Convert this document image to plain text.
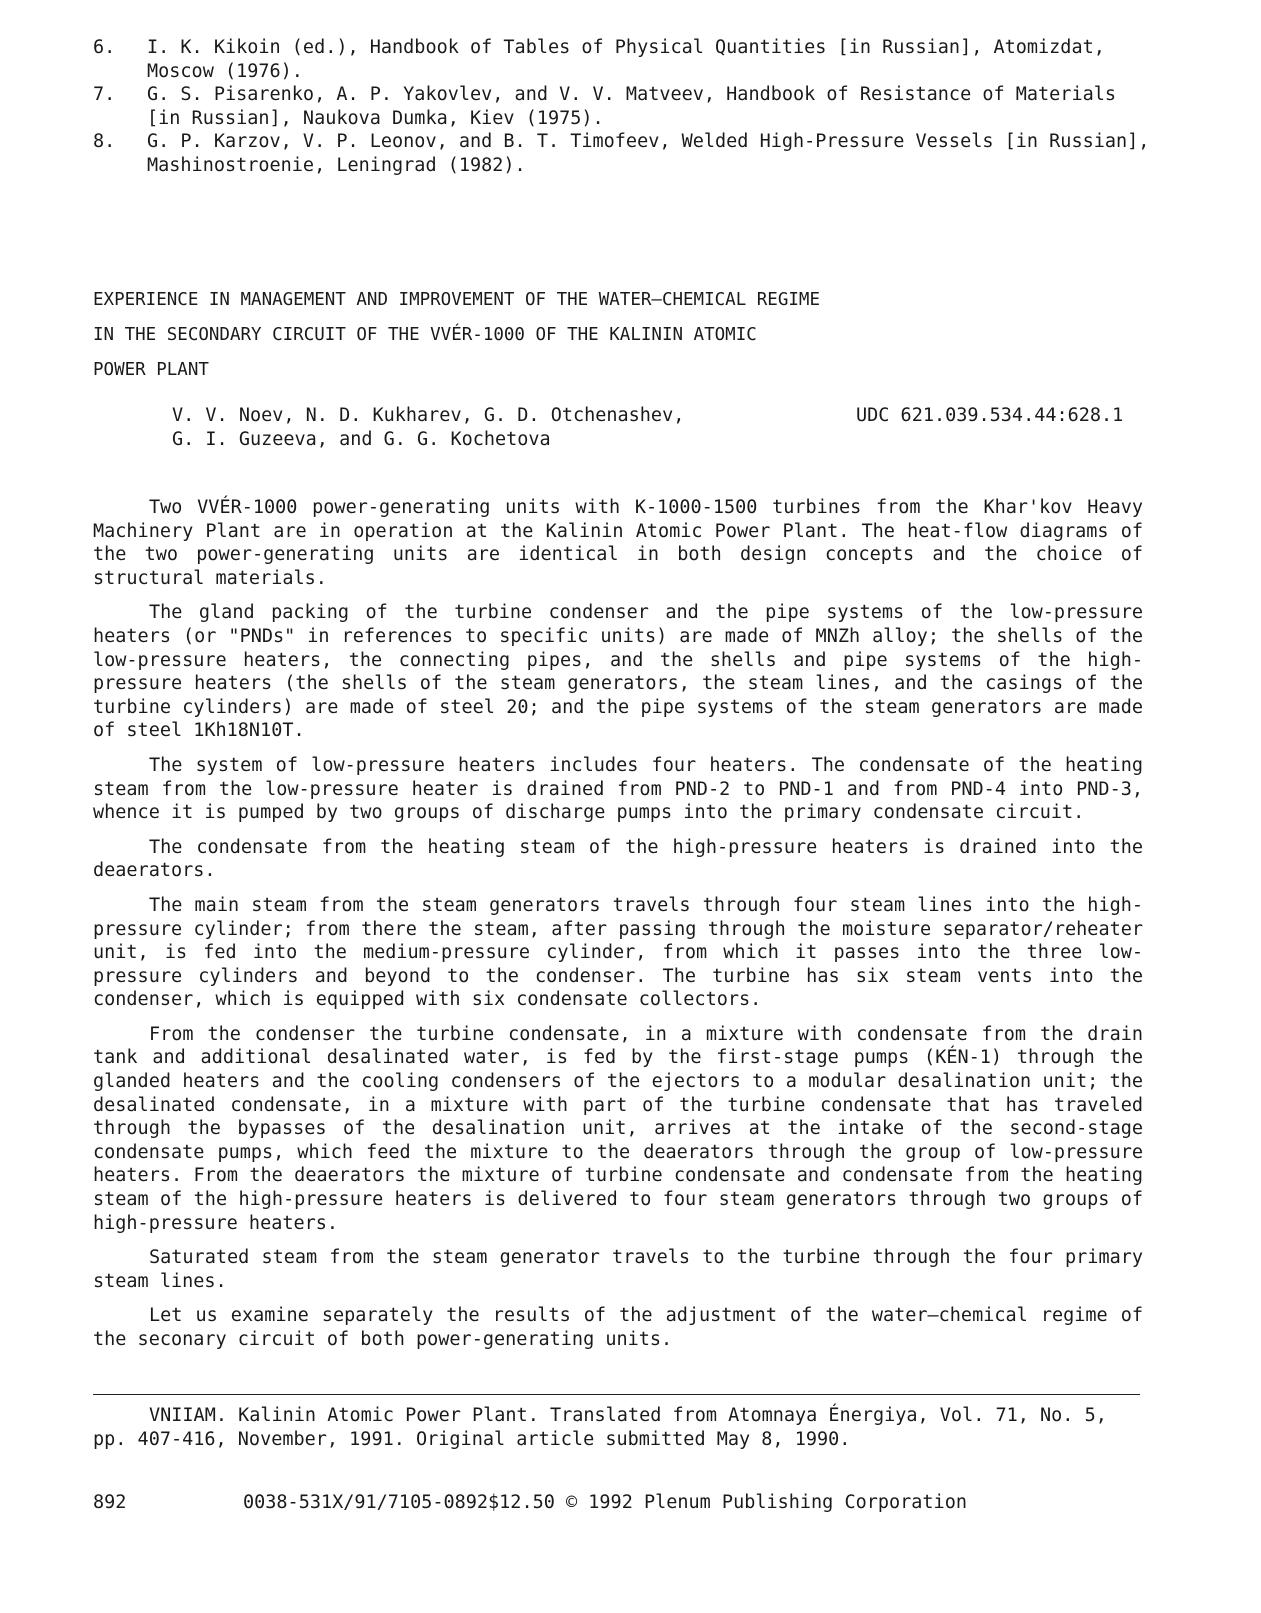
6.	I. K. Kikoin (ed.), Handbook of Tables of Physical Quantities [in Russian], Atomizdat, Moscow (1976).
7.	G. S. Pisarenko, A. P. Yakovlev, and V. V. Matveev, Handbook of Resistance of Materials [in Russian], Naukova Dumka, Kiev (1975).
8.	G. P. Karzov, V. P. Leonov, and B. T. Timofeev, Welded High-Pressure Vessels [in Russian], Mashinostroenie, Leningrad (1982).
EXPERIENCE IN MANAGEMENT AND IMPROVEMENT OF THE WATER—CHEMICAL REGIME
IN THE SECONDARY CIRCUIT OF THE VVÉR-1000 OF THE KALININ ATOMIC
POWER PLANT
V. V. Noev, N. D. Kukharev, G. D. Otchenashev,
G. I. Guzeeva, and G. G. Kochetova
UDC 621.039.534.44:628.1

Two VVÉR-1000 power-generating units with K-1000-1500 turbines from the Khar'kov Heavy Machinery Plant are in operation at the Kalinin Atomic Power Plant. The heat-flow diagrams of the two power-generating units are identical in both design concepts and the choice of structural materials.

The gland packing of the turbine condenser and the pipe systems of the low-pressure heaters (or "PNDs" in references to specific units) are made of MNZh alloy; the shells of the low-pressure heaters, the connecting pipes, and the shells and pipe systems of the high-pressure heaters (the shells of the steam generators, the steam lines, and the casings of the turbine cylinders) are made of steel 20; and the pipe systems of the steam generators are made of steel 1Kh18N10T.

The system of low-pressure heaters includes four heaters. The condensate of the heating steam from the low-pressure heater is drained from PND-2 to PND-1 and from PND-4 into PND-3, whence it is pumped by two groups of discharge pumps into the primary condensate circuit.

The condensate from the heating steam of the high-pressure heaters is drained into the deaerators.

The main steam from the steam generators travels through four steam lines into the high-pressure cylinder; from there the steam, after passing through the moisture separator/reheater unit, is fed into the medium-pressure cylinder, from which it passes into the three low-pressure cylinders and beyond to the condenser. The turbine has six steam vents into the condenser, which is equipped with six condensate collectors.

From the condenser the turbine condensate, in a mixture with condensate from the drain tank and additional desalinated water, is fed by the first-stage pumps (KÉN-1) through the glanded heaters and the cooling condensers of the ejectors to a modular desalination unit; the desalinated condensate, in a mixture with part of the turbine condensate that has traveled through the bypasses of the desalination unit, arrives at the intake of the second-stage condensate pumps, which feed the mixture to the deaerators through the group of low-pressure heaters. From the deaerators the mixture of turbine condensate and condensate from the heating steam of the high-pressure heaters is delivered to four steam generators through two groups of high-pressure heaters.

Saturated steam from the steam generator travels to the turbine through the four primary steam lines.

Let us examine separately the results of the adjustment of the water—chemical regime of the seconary circuit of both power-generating units.

VNIIAM. Kalinin Atomic Power Plant. Translated from Atomnaya Énergiya, Vol. 71, No. 5, pp. 407-416, November, 1991. Original article submitted May 8, 1990.
892	0038-531X/91/7105-0892$12.50 © 1992 Plenum Publishing Corporation
